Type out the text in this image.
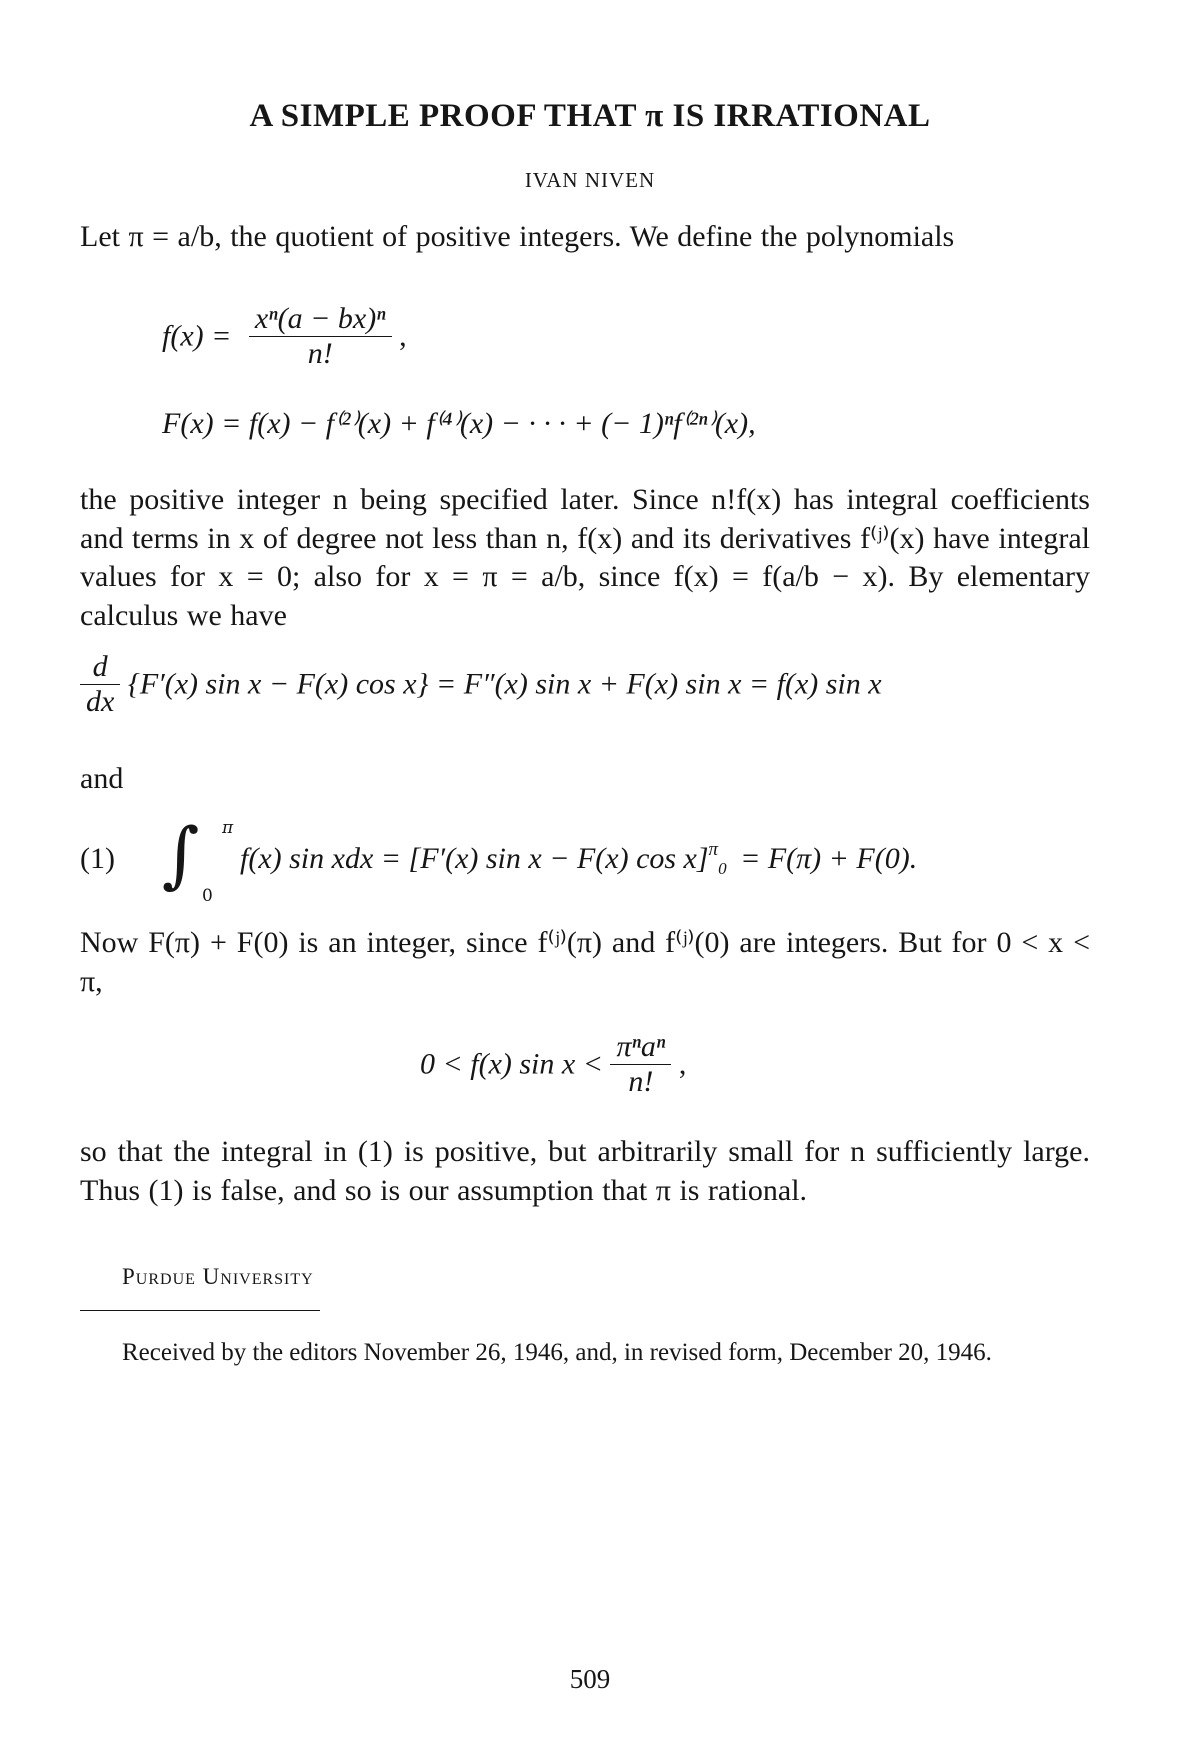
A SIMPLE PROOF THAT π IS IRRATIONAL
IVAN NIVEN
Let π = a/b, the quotient of positive integers. We define the polynomials
$f(x) = \frac{\text{xⁿ(a − bx)ⁿ}}{n!}$ ,
F(x) = f(x) − f⁽²⁾(x) + f⁽⁴⁾(x) − · · · + (− 1)ⁿf⁽²ⁿ⁾(x),
the positive integer n being specified later. Since n!f(x) has integral coefficients and terms in x of degree not less than n, f(x) and its derivatives f⁽ʲ⁾(x) have integral values for x = 0; also for x = π = a/b, since f(x) = f(a/b − x). By elementary calculus we have
$\frac{d}{dx} \{F'(x)$ sin x − F(x) cos x} = F″(x) sin x + F(x) sin x = f(x) sin x
and
(1) ∫ π
0
f(x) sin xdx = [F′(x) sin x − F(x) cos x]$^\pi_0$ = F(π) + F(0).
Now F(π) + F(0) is an integer, since f⁽ʲ⁾(π) and f⁽ʲ⁾(0) are integers. But for 0 < x < π,
0 < f(x) $\sin x < \frac{\text{πⁿaⁿ}}{n!}$ ,
so that the integral in (1) is positive, but arbitrarily small for n sufficiently large. Thus (1) is false, and so is our assumption that π is rational.
Purdue University
Received by the editors November 26, 1946, and, in revised form, December 20, 1946.
509
